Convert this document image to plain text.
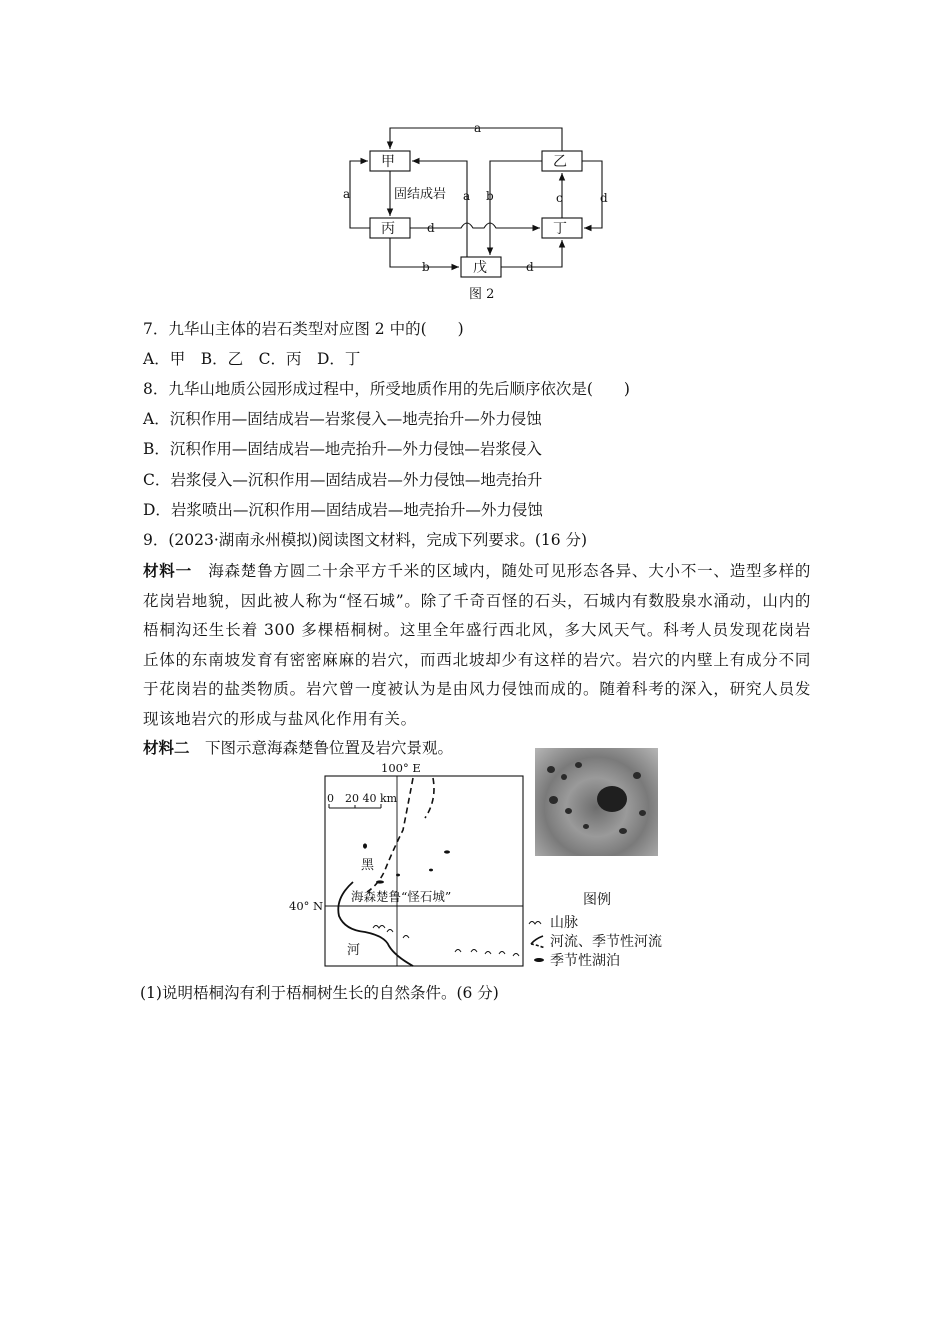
甲	乙
丙	丁
戊
固结成岩
a
a	a b	c	d
d
b	d
图 2
7．九华山主体的岩石类型对应图 2 中的(　　)
A．甲　B．乙　C．丙　D．丁
8．九华山地质公园形成过程中，所受地质作用的先后顺序依次是(　　)
A．沉积作用—固结成岩—岩浆侵入—地壳抬升—外力侵蚀
B．沉积作用—固结成岩—地壳抬升—外力侵蚀—岩浆侵入
C．岩浆侵入—沉积作用—固结成岩—外力侵蚀—地壳抬升
D．岩浆喷出—沉积作用—固结成岩—地壳抬升—外力侵蚀
9．(2023·湖南永州模拟)阅读图文材料，完成下列要求。(16 分)
材料一　海森楚鲁方圆二十余平方千米的区域内，随处可见形态各异、大小不一、造型多样的花岗岩地貌，因此被人称为“怪石城”。除了千奇百怪的石头，石城内有数股泉水涌动，山内的梧桐沟还生长着 300 多棵梧桐树。这里全年盛行西北风，多大风天气。科考人员发现花岗岩丘体的东南坡发育有密密麻麻的岩穴，而西北坡却少有这样的岩穴。岩穴的内壁上有成分不同于花岗岩的盐类物质。岩穴曾一度被认为是由风力侵蚀而成的。随着科考的深入，研究人员发现该地岩穴的形成与盐风化作用有关。
材料二　下图示意海森楚鲁位置及岩穴景观。
100° E
40° N
0　20 40 km
黑
河
海森楚鲁“怪石城”	图例
山脉
河流、季节性河流
季节性湖泊
(1)说明梧桐沟有利于梧桐树生长的自然条件。(6 分)
